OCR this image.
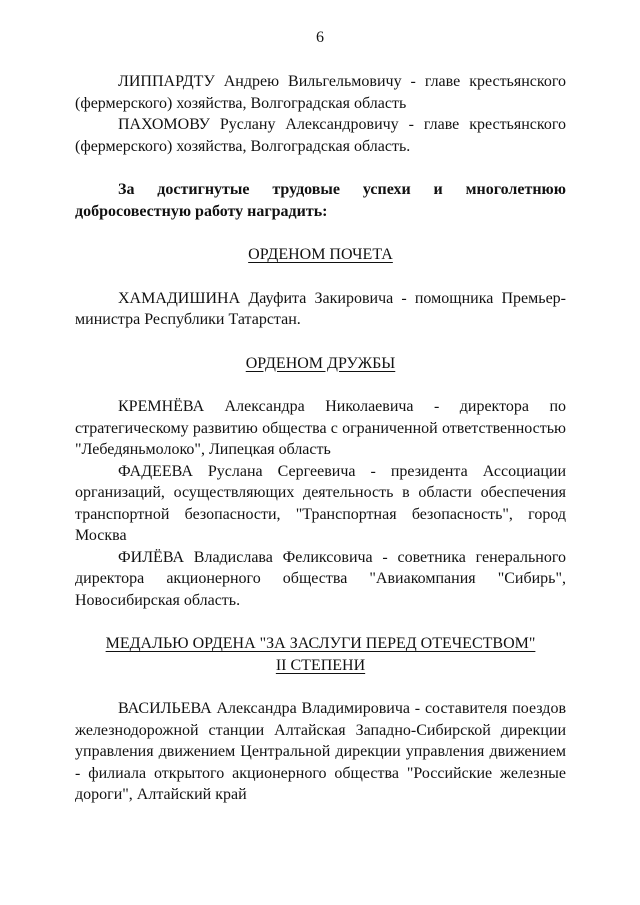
6

ЛИППАРДТУ Андрею Вильгельмовичу - главе крестьянского (фермерского) хозяйства, Волгоградская область

ПАХОМОВУ Руслану Александровичу - главе крестьянского (фермерского) хозяйства, Волгоградская область.

За достигнутые трудовые успехи и многолетнюю добросовестную работу наградить:

ОРДЕНОМ ПОЧЕТА

ХАМАДИШИНА Дауфита Закировича - помощника Премьер-министра Республики Татарстан.

ОРДЕНОМ ДРУЖБЫ

КРЕМНЁВА Александра Николаевича - директора по стратегическому развитию общества с ограниченной ответственностью "Лебедяньмолоко", Липецкая область

ФАДЕЕВА Руслана Сергеевича - президента Ассоциации организаций, осуществляющих деятельность в области обеспечения транспортной безопасности, "Транспортная безопасность", город Москва

ФИЛЁВА Владислава Феликсовича - советника генерального директора акционерного общества "Авиакомпания "Сибирь", Новосибирская область.

МЕДАЛЬЮ ОРДЕНА "ЗА ЗАСЛУГИ ПЕРЕД ОТЕЧЕСТВОМ"

II СТЕПЕНИ

ВАСИЛЬЕВА Александра Владимировича - составителя поездов железнодорожной станции Алтайская Западно-Сибирской дирекции управления движением Центральной дирекции управления движением - филиала открытого акционерного общества "Российские железные дороги", Алтайский край
